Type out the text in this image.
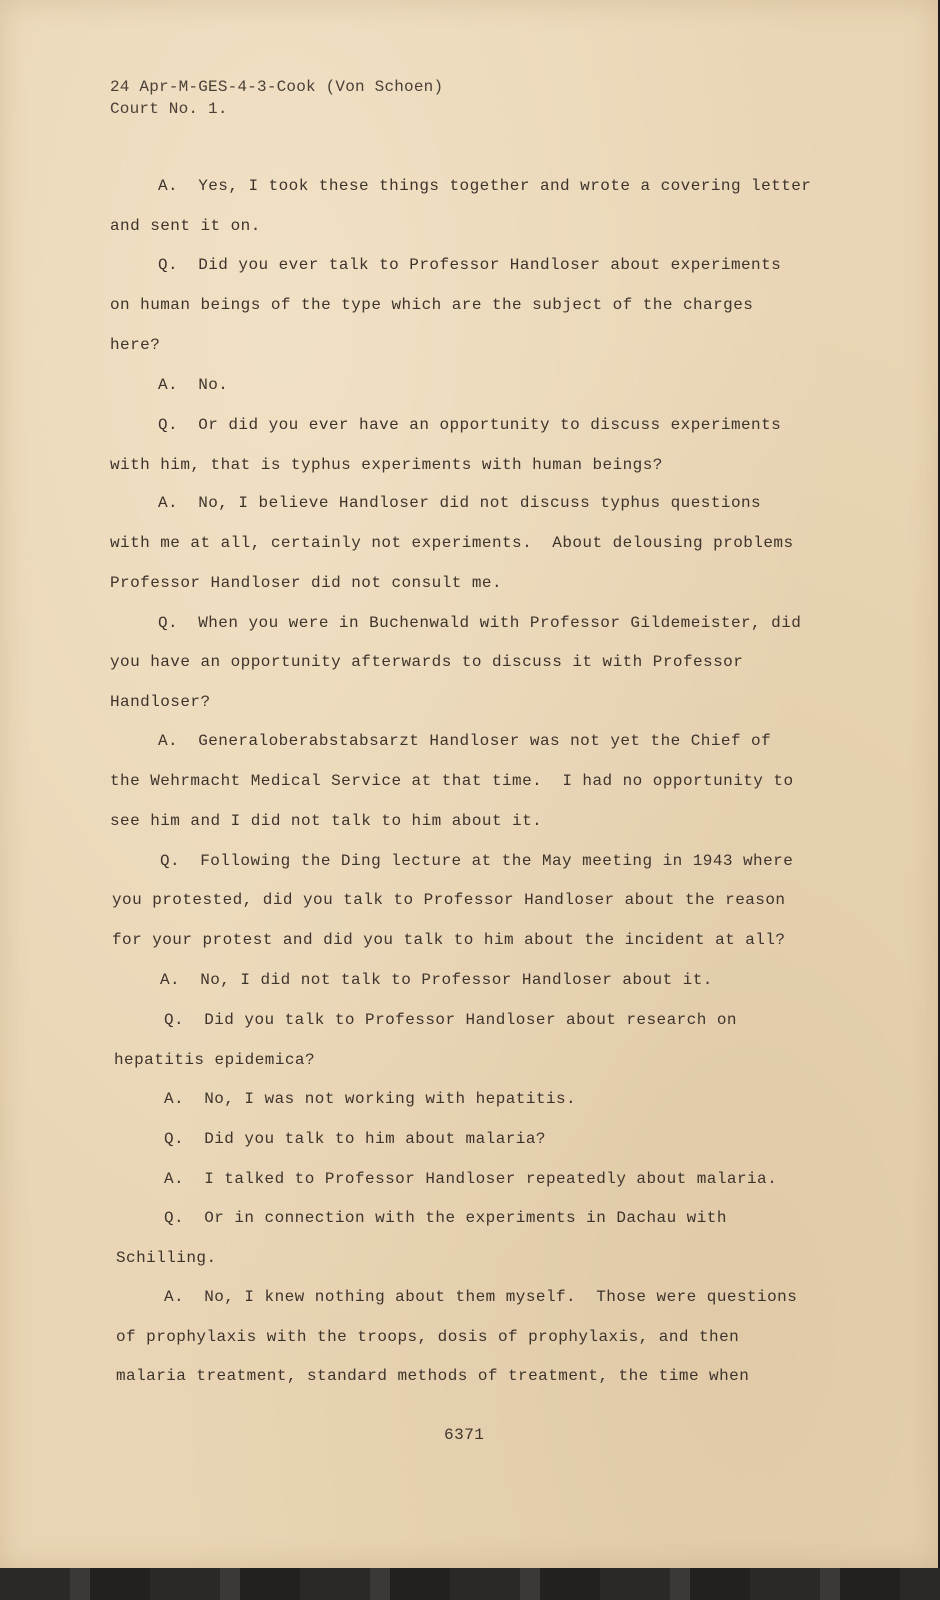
24 Apr-M-GES-4-3-Cook (Von Schoen)
Court No. 1.
A.  Yes, I took these things together and wrote a covering letter
and sent it on.
Q.  Did you ever talk to Professor Handloser about experiments
on human beings of the type which are the subject of the charges
here?
A.  No.
Q.  Or did you ever have an opportunity to discuss experiments
with him, that is typhus experiments with human beings?
A.  No, I believe Handloser did not discuss typhus questions
with me at all, certainly not experiments.  About delousing problems
Professor Handloser did not consult me.
Q.  When you were in Buchenwald with Professor Gildemeister, did
you have an opportunity afterwards to discuss it with Professor
Handloser?
A.  Generaloberabstabsarzt Handloser was not yet the Chief of
the Wehrmacht Medical Service at that time.  I had no opportunity to
see him and I did not talk to him about it.
Q.  Following the Ding lecture at the May meeting in 1943 where
you protested, did you talk to Professor Handloser about the reason
for your protest and did you talk to him about the incident at all?
A.  No, I did not talk to Professor Handloser about it.
Q.  Did you talk to Professor Handloser about research on
hepatitis epidemica?
A.  No, I was not working with hepatitis.
Q.  Did you talk to him about malaria?
A.  I talked to Professor Handloser repeatedly about malaria.
Q.  Or in connection with the experiments in Dachau with
Schilling.
A.  No, I knew nothing about them myself.  Those were questions
of prophylaxis with the troops, dosis of prophylaxis, and then
malaria treatment, standard methods of treatment, the time when
6371
